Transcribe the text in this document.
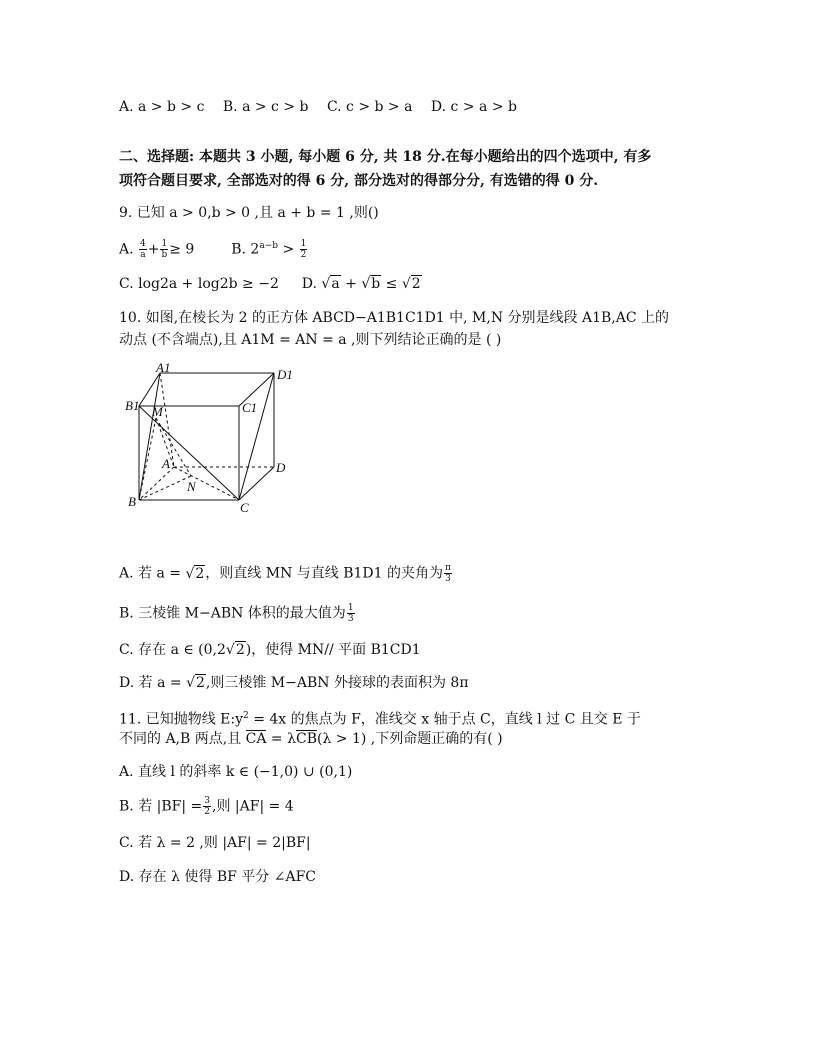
A. a > b > c B. a > c > b C. c > b > a D. c > a > b
二、选择题: 本题共 3 小题, 每小题 6 分, 共 18 分.在每小题给出的四个选项中, 有多
项符合题目要求, 全部选对的得 6 分, 部分选对的得部分分, 有选错的得 0 分.
9. 已知 a > 0,b > 0 ,且 a + b = 1 ,则()
A. $\frac{4}{a} + \frac{1}{b} \ge 9$	B. $2^{a-b} > \frac{1}{2}$
C. log2a + log2b ≥ −2 D. √a + √b ≤ √2
10. 如图,在棱长为 2 的正方体 ABCD−A1B1C1D1 中, M,N 分别是线段 A1B,AC 上的
动点 (不含端点),且 A1M = AN = a ,则下列结论正确的是 ( )
A1	D1
B1	C1
M
A	D
N
B	C
A. 若 a = √2，则直线 MN 与直线 B1D1 的夹角为 $\frac{\pi}{3}$
B. 三棱锥 M−ABN 体积的最大值为 $\frac{1}{3}$
C. 存在 a ∈ (0,2√2)，使得 MN// 平面 B1CD1
D. 若 a = √2,则三棱锥 M−ABN 外接球的表面积为 8π
11. 已知抛物线 $E:y^2 = 4x$ 的焦点为 F，准线交 x 轴于点 C，直线 l 过 C 且交 E 于
不同的 A,B 两点,且 CA = λCB(λ > 1) ,下列命题正确的有( )
A. 直线 l 的斜率 k ∈ (−1,0) ∪ (0,1)
B. 若 $|BF| = \frac{3}{2}$ ,则 |AF| = 4
C. 若 λ = 2 ,则 |AF| = 2|BF|
D. 存在 λ 使得 BF 平分 ∠AFC
